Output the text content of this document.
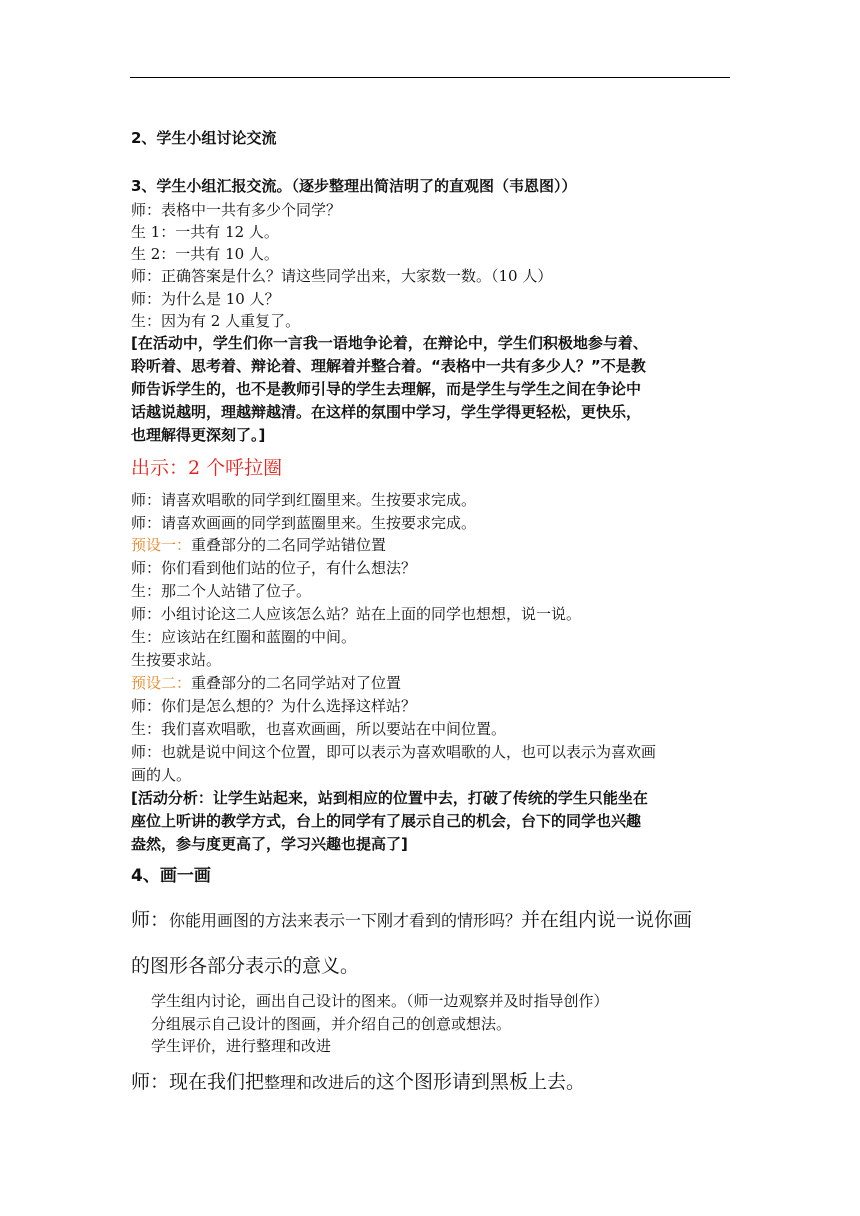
2、学生小组讨论交流
3、学生小组汇报交流。（逐步整理出简洁明了的直观图（韦恩图））
师：表格中一共有多少个同学？
生 1：一共有 12 人。
生 2：一共有 10 人。
师：正确答案是什么？请这些同学出来，大家数一数。（10 人）
师：为什么是 10 人？
生：因为有 2 人重复了。
[在活动中，学生们你一言我一语地争论着，在辩论中，学生们积极地参与着、
聆听着、思考着、辩论着、理解着并整合着。“表格中一共有多少人？”不是教
师告诉学生的，也不是教师引导的学生去理解，而是学生与学生之间在争论中
话越说越明，理越辩越清。在这样的氛围中学习，学生学得更轻松，更快乐，
也理解得更深刻了。]
出示：2 个呼拉圈
师：请喜欢唱歌的同学到红圈里来。生按要求完成。
师：请喜欢画画的同学到蓝圈里来。生按要求完成。
预设一：重叠部分的二名同学站错位置
师：你们看到他们站的位子，有什么想法？
生：那二个人站错了位子。
师：小组讨论这二人应该怎么站？站在上面的同学也想想，说一说。
生：应该站在红圈和蓝圈的中间。
生按要求站。
预设二：重叠部分的二名同学站对了位置
师：你们是怎么想的？为什么选择这样站？
生：我们喜欢唱歌，也喜欢画画，所以要站在中间位置。
师：也就是说中间这个位置，即可以表示为喜欢唱歌的人，也可以表示为喜欢画
画的人。
[活动分析：让学生站起来，站到相应的位置中去，打破了传统的学生只能坐在
座位上听讲的教学方式，台上的同学有了展示自己的机会，台下的同学也兴趣
盎然，参与度更高了，学习兴趣也提高了]
4、画一画
师：你能用画图的方法来表示一下刚才看到的情形吗？并在组内说一说你画
的图形各部分表示的意义。
学生组内讨论，画出自己设计的图来。（师一边观察并及时指导创作）
分组展示自己设计的图画，并介绍自己的创意或想法。
学生评价，进行整理和改进
师：现在我们把整理和改进后的这个图形请到黑板上去。
